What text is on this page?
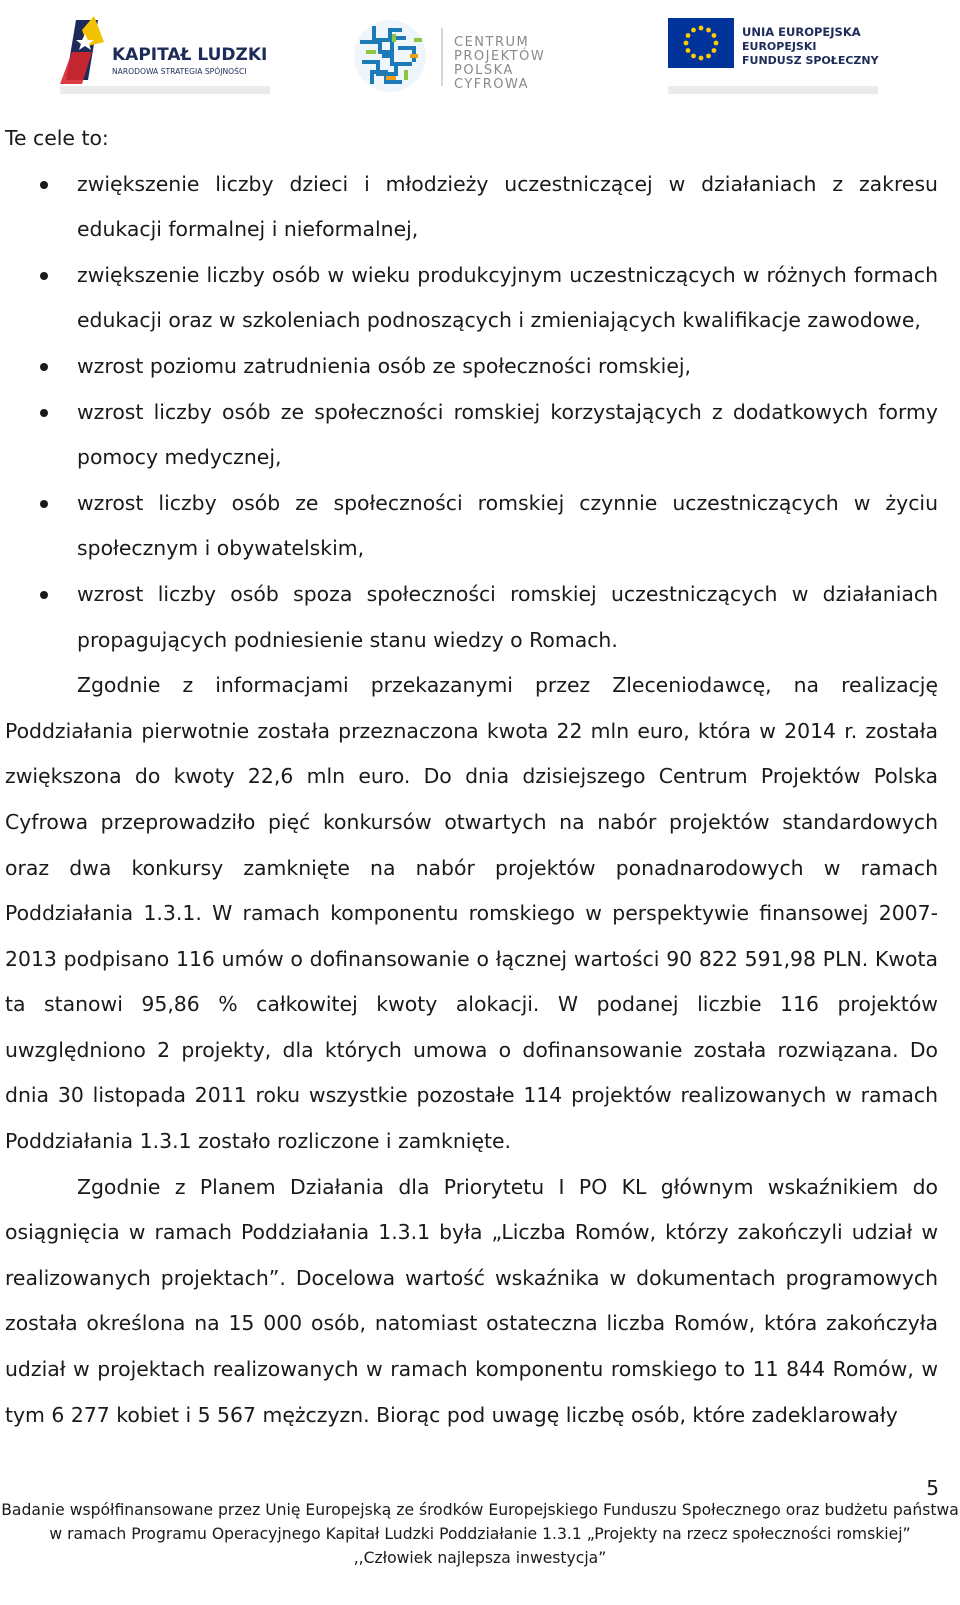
KAPITAŁ LUDZKI
NARODOWA STRATEGIA SPÓJNOŚCI
CENTRUM
PROJEKTÓW
POLSKA
CYFROWA
UNIA EUROPEJSKA
EUROPEJSKI
FUNDUSZ SPOŁECZNY

Te cele to:

zwiększenie liczby dzieci i młodzieży uczestniczącej w działaniach z zakresu edukacji formalnej i nieformalnej,
zwiększenie liczby osób w wieku produkcyjnym uczestniczących w różnych formach edukacji oraz w szkoleniach podnoszących i zmieniających kwalifikacje zawodowe,
wzrost poziomu zatrudnienia osób ze społeczności romskiej,
wzrost liczby osób ze społeczności romskiej korzystających z dodatkowych formy pomocy medycznej,
wzrost liczby osób ze społeczności romskiej czynnie uczestniczących w życiu społecznym i obywatelskim,
wzrost liczby osób spoza społeczności romskiej uczestniczących w działaniach propagujących podniesienie stanu wiedzy o Romach.

Zgodnie z informacjami przekazanymi przez Zleceniodawcę, na realizację Poddziałania pierwotnie została przeznaczona kwota 22 mln euro, która w 2014 r. została zwiększona do kwoty 22,6 mln euro. Do dnia dzisiejszego Centrum Projektów Polska Cyfrowa przeprowadziło pięć konkursów otwartych na nabór projektów standardowych oraz dwa konkursy zamknięte na nabór projektów ponadnarodowych w ramach Poddziałania 1.3.1. W ramach komponentu romskiego w perspektywie finansowej 2007-2013 podpisano 116 umów o dofinansowanie o łącznej wartości 90 822 591,98 PLN. Kwota ta stanowi 95,86 % całkowitej kwoty alokacji. W podanej liczbie 116 projektów uwzględniono 2 projekty, dla których umowa o dofinansowanie została rozwiązana. Do dnia 30 listopada 2011 roku wszystkie pozostałe 114 projektów realizowanych w ramach Poddziałania 1.3.1 zostało rozliczone i zamknięte.

Zgodnie z Planem Działania dla Priorytetu I PO KL głównym wskaźnikiem do osiągnięcia w ramach Poddziałania 1.3.1 była „Liczba Romów, którzy zakończyli udział w realizowanych projektach”. Docelowa wartość wskaźnika w dokumentach programowych została określona na 15 000 osób, natomiast ostateczna liczba Romów, która zakończyła udział w projektach realizowanych w ramach komponentu romskiego to 11 844 Romów, w tym 6 277 kobiet i 5 567 mężczyzn. Biorąc pod uwagę liczbę osób, które zadeklarowały

5
Badanie współfinansowane przez Unię Europejską ze środków Europejskiego Funduszu Społecznego oraz budżetu państwa
w ramach Programu Operacyjnego Kapitał Ludzki Poddziałanie 1.3.1 „Projekty na rzecz społeczności romskiej”
,,Człowiek najlepsza inwestycja”
